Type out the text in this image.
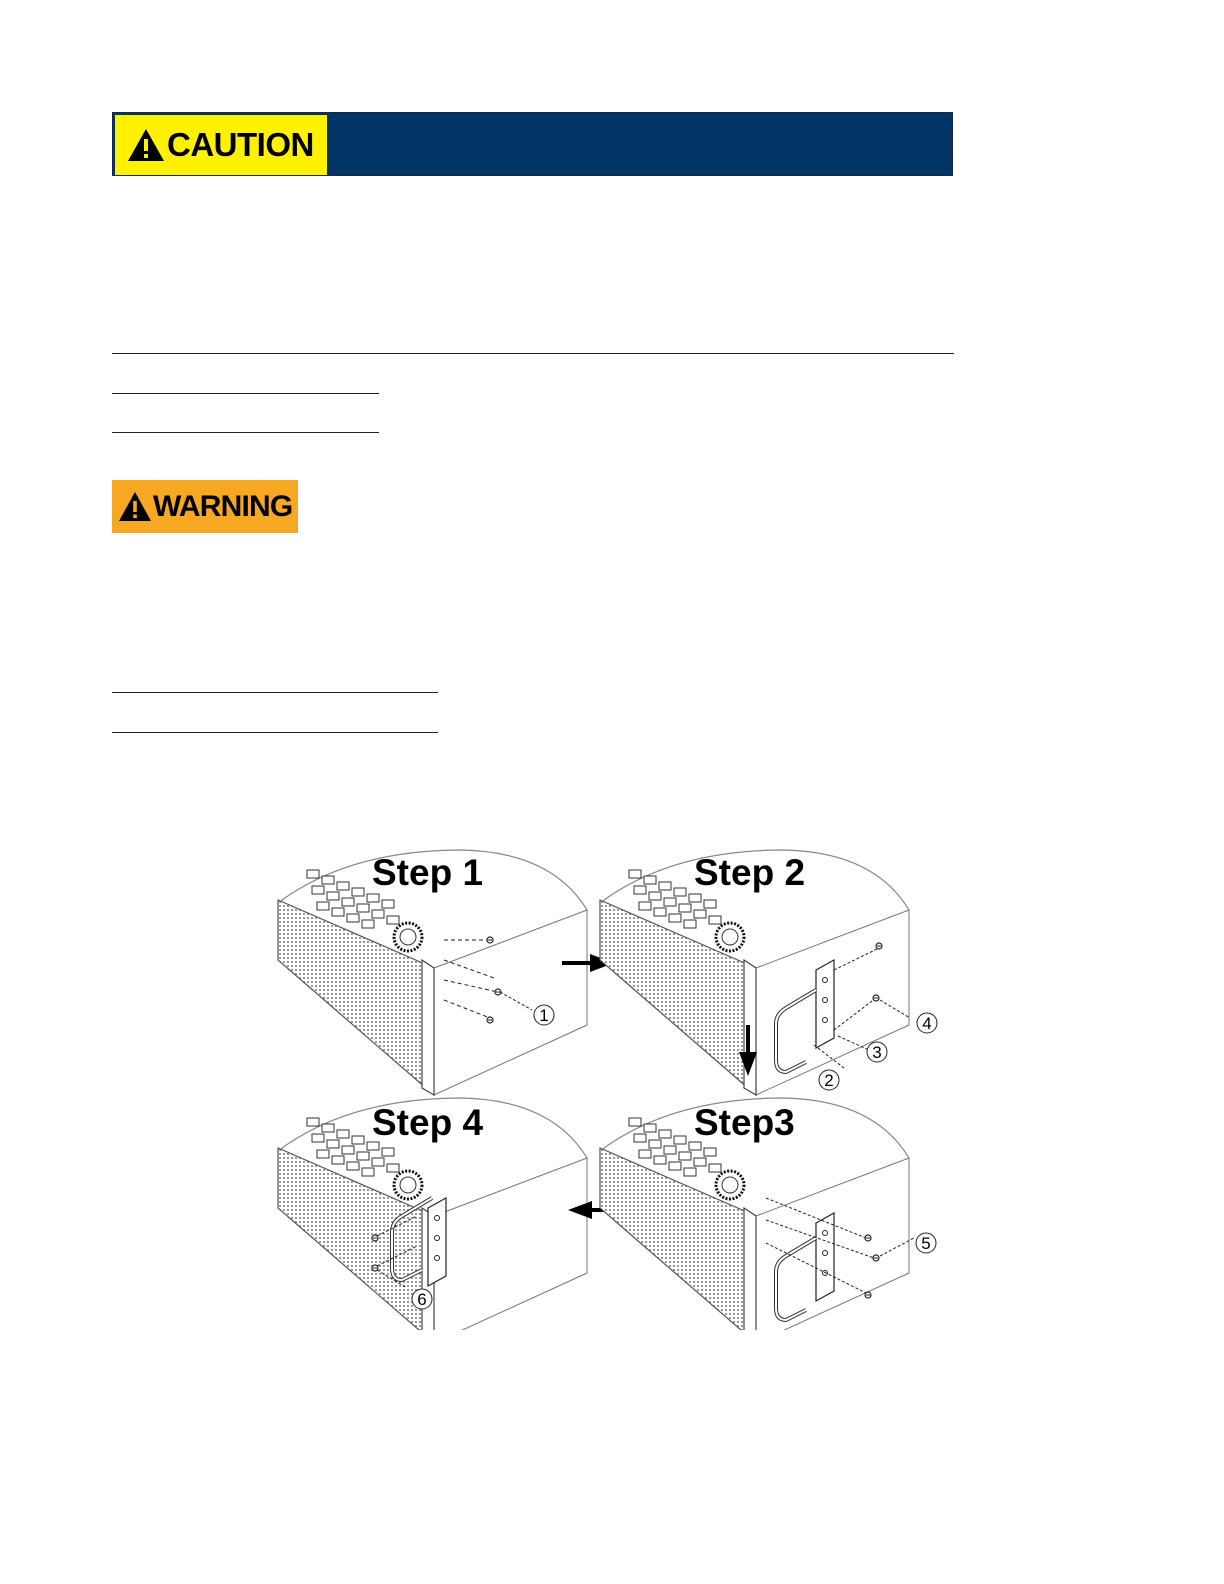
CAUTION
WARNING
Step 1
1
Step 2
4
3
2
Step 4
6
Step3
5
